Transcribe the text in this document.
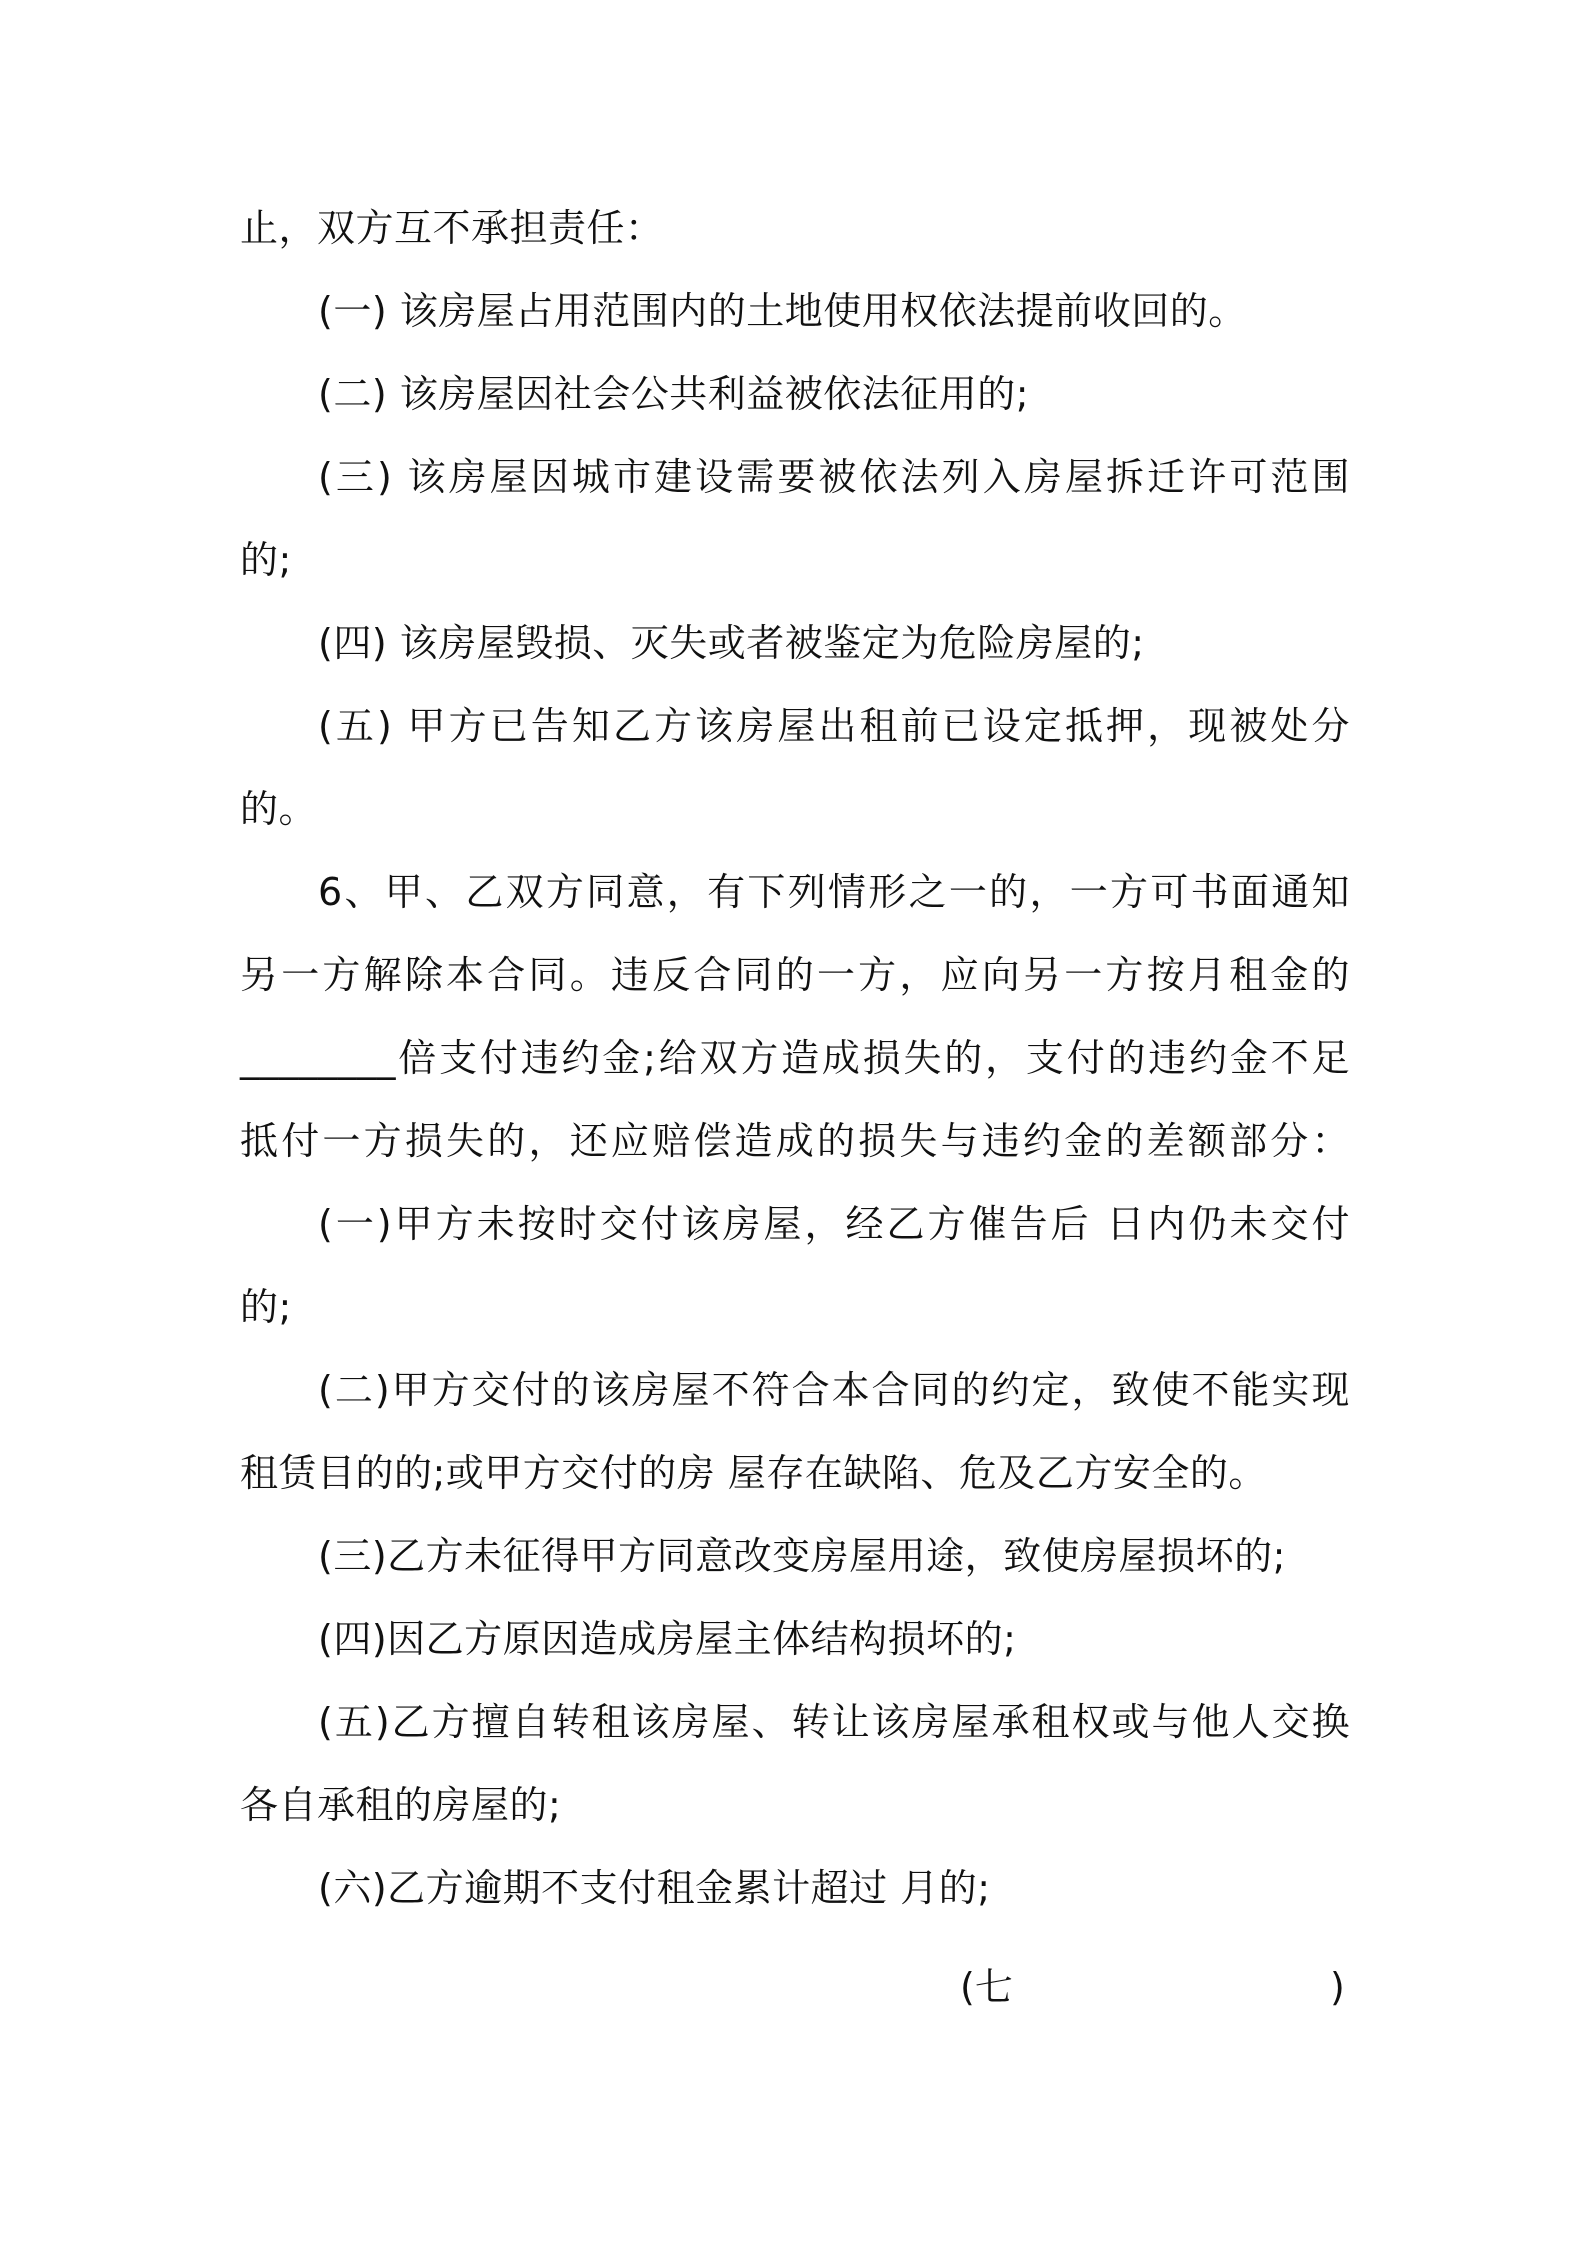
止，双方互不承担责任：
(一) 该房屋占用范围内的土地使用权依法提前收回的。
(二) 该房屋因社会公共利益被依法征用的;
(三) 该房屋因城市建设需要被依法列入房屋拆迁许可范围
的;
(四) 该房屋毁损、灭失或者被鉴定为危险房屋的;
(五) 甲方已告知乙方该房屋出租前已设定抵押，现被处分
的。
6、甲、乙双方同意，有下列情形之一的，一方可书面通知
另一方解除本合同。违反合同的一方，应向另一方按月租金的
________倍支付违约金;给双方造成损失的，支付的违约金不足
抵付一方损失的，还应赔偿造成的损失与违约金的差额部分：
(一)甲方未按时交付该房屋，经乙方催告后 日内仍未交付
的;
(二)甲方交付的该房屋不符合本合同的约定，致使不能实现
租赁目的的;或甲方交付的房 屋存在缺陷、危及乙方安全的。
(三)乙方未征得甲方同意改变房屋用途，致使房屋损坏的;
(四)因乙方原因造成房屋主体结构损坏的;
(五)乙方擅自转租该房屋、转让该房屋承租权或与他人交换
各自承租的房屋的;
(六)乙方逾期不支付租金累计超过 月的;
(七	)
